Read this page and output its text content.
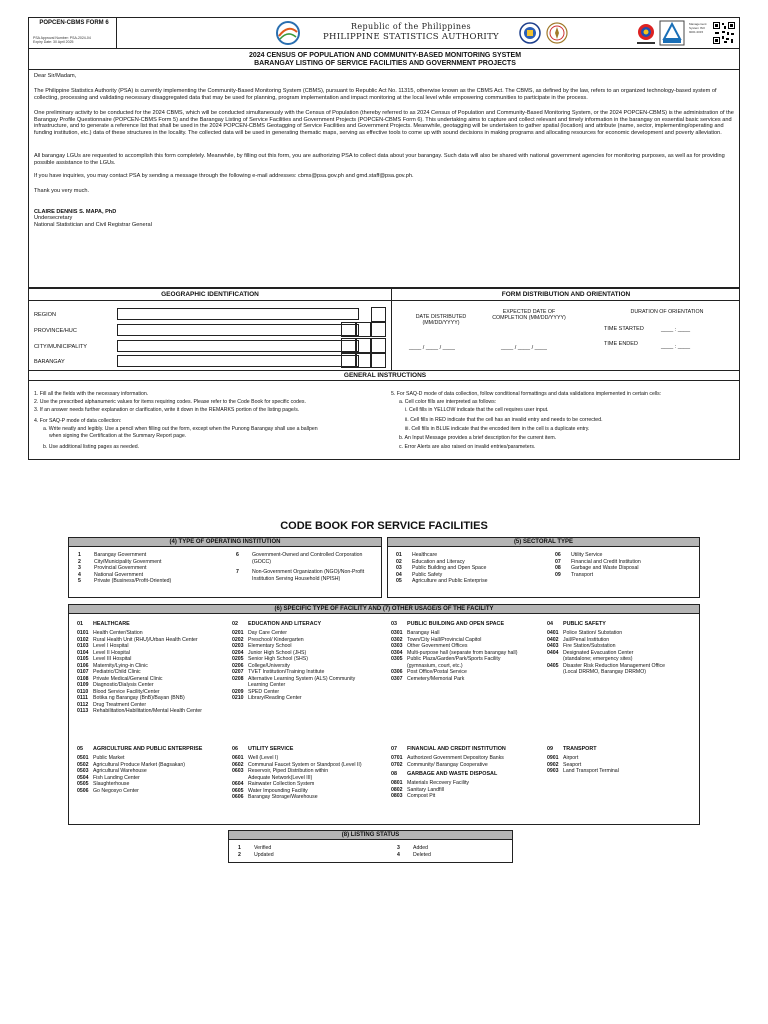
POPCEN-CBMS FORM 6
PSA Approval Number: PSA-2024-04
Expiry Date: 30 April 2025
Republic of the Philippines
PHILIPPINE STATISTICS AUTHORITY
Management System ISO 9001:2015
2024 CENSUS OF POPULATION AND COMMUNITY-BASED MONITORING SYSTEM
BARANGAY LISTING OF SERVICE FACILITIES AND GOVERNMENT PROJECTS
Dear Sir/Madam,
The Philippine Statistics Authority (PSA) is currently implementing the Community-Based Monitoring System (CBMS), pursuant to Republic Act No. 11315, otherwise known as the CBMS Act. The CBMS, as defined by the law, refers to an organized technology-based system of collecting, processing and validating necessary disaggregated data that may be used for planning, program implementation and impact monitoring at the local level while empowering communities to participate in the process.
One preliminary activity to be conducted for the 2024 CBMS, which will be conducted simultaneously with the Census of Population (thereby referred to as 2024 Census of Population and Community-Based Monitoring System, or the 2024 POPCEN-CBMS) is the administration of the Barangay Profile Questionnaire (POPCEN-CBMS Form 5) and the Barangay Listing of Service Facilities and Government Projects (POPCEN-CBMS Form 6). This undertaking aims to capture and collect relevant and timely information in the barangay on essential basic services and infrastructure, and to generate a reference list that shall be used in the 2024 POPCEN-CBMS Geotagging of Service Facilities and Government Projects. Meanwhile, geotagging will be undertaken to gather spatial (location) and attribute (name, sector, implementing/operating and funding institution, etc.) data of these structures in the locality. The collected data will be used in generating thematic maps, serving as effective tools to come up with sound decisions in making programs and allocating resources for economic development and poverty alleviation.
All barangay LGUs are requested to accomplish this form completely. Meanwhile, by filling out this form, you are authorizing PSA to collect data about your barangay. Such data will also be shared with national government agencies for monitoring purposes, as well as for providing possible assistance to the LGUs.
If you have inquiries, you may contact PSA by sending a message through the following e-mail addresses: cbms@psa.gov.ph and gmd.staff@psa.gov.ph.
Thank you very much.
CLAIRE DENNIS S. MAPA, PhD
Undersecretary
National Statistician and Civil Registrar General
GEOGRAPHIC IDENTIFICATION	FORM DISTRIBUTION AND ORIENTATION
REGION
PROVINCE/HUC
CITY/MUNICIPALITY
BARANGAY
DATE DISTRIBUTED (MM/DD/YYYY)
EXPECTED DATE OF COMPLETION (MM/DD/YYYY)
____ / ____ / ____	____ / ____ / ____
DURATION OF ORIENTATION
TIME STARTED	____ : ____
TIME ENDED	____ : ____
GENERAL INSTRUCTIONS
1. Fill all the fields with the necessary information.
2. Use the prescribed alphanumeric values for items requiring codes. Please refer to the Code Book for specific codes.
3. If an answer needs further explanation or clarification, write it down in the REMARKS portion of the listing page/s.
4. For SAQ-P mode of data collection:
a. Write neatly and legibly. Use a pencil when filling out the form, except when the Punong Barangay shall use a ballpen
when signing the Certification at the Summary Report page.
b. Use additional listing pages as needed.
5. For SAQ-D mode of data collection, follow conditional formattings and data validations implemented in certain cells:
a. Cell color fills are interpreted as follows:
i. Cell fills in YELLOW indicate that the cell requires user input.
ii. Cell fills in RED indicate that the cell has an invalid entry and needs to be corrected.
iii. Cell fills in BLUE indicate that the encoded item in the cell is a duplicate entry.
b. An Input Message provides a brief description for the current item.
c. Error Alerts are also raised on invalid entries/parameters.
CODE BOOK FOR SERVICE FACILITIES
(4) TYPE OF OPERATING INSTITUTION
1	Barangay Government
2	City/Municipality Government
3	Provincial Government
4	National Government
5	Private (Business/Profit-Oriented)
6	Government-Owned and Controlled Corporation
(GOCC)
7	Non-Government Organization (NGO)/Non-Profit
Institution Serving Household (NPISH)
(5) SECTORAL TYPE
01 Healthcare
02 Education and Literacy
03 Public Building and Open Space
04 Public Safety
05 Agriculture and Public Enterprise
06 Utility Service
07 Financial and Credit Institution
08 Garbage and Waste Disposal
09 Transport
(6) SPECIFIC TYPE OF FACILITY AND (7) OTHER USAGE/S OF THE FACILITY
01 HEALTHCARE
0101 Health Center/Station
0102 Rural Health Unit (RHU)/Urban Health Center
0103 Level I Hospital
0104 Level II Hospital
0105 Level III Hospital
0106 Maternity/Lying-in Clinic
0107 Pediatric/Child Clinic
0108 Private Medical/General Clinic
0109 Diagnostic/Dialysis Center
0110 Blood Service Facility/Center
0111 Botika ng Barangay (BnB)/Bayan (BNB)
0112 Drug Treatment Center
0113 Rehabilitation/Habilitation/Mental Health Center
02 EDUCATION AND LITERACY
0201 Day Care Center
0202 Preschool/ Kindergarten
0203 Elementary School
0204 Junior High School (JHS)
0205 Senior High School (SHS)
0206 College/University
0207 TVET Institution/Training Institute
0208 Alternative Learning System (ALS) Community
Learning Center
0209 SPED Center
0210 Library/Reading Center
03 PUBLIC BUILDING AND OPEN SPACE
0301 Barangay Hall
0302 Town/City Hall/Provincial Capitol
0303 Other Government Offices
0304 Multi-purpose hall (separate from barangay hall)
0305 Public Plaza/Garden/Park/Sports Facility
(gymnasium, court, etc.)
0306 Post Office/Postal Service
0307 Cemetery/Memorial Park
04 PUBLIC SAFETY
0401 Police Station/ Substation
0402 Jail/Penal Institution
0403 Fire Station/Substation
0404 Designated Evacuation Center
(standalone; emergency sites)
0405 Disaster Risk Reduction Management Office
(Local DRRMO, Barangay DRRMO)
05 AGRICULTURE AND PUBLIC ENTERPRISE
0501 Public Market
0502 Agricultural Produce Market (Bagsakan)
0503 Agricultural Warehouse
0504 Fish Landing Center
0505 Slaughterhouse
0506 Go Negosyo Center
06 UTILITY SERVICE
0601 Well (Level I)
0602 Communal Faucet System or Standpost (Level II)
0603 Reservoir, Piped Distribution within
Adequate Network(Level III)
0604 Rainwater Collection System
0605 Water Impounding Facility
0606 Barangay Storage/Warehouse
07 FINANCIAL AND CREDIT INSTITUTION
0701 Authorized Government Depository Banks
0702 Community/ Barangay Cooperative
08 GARBAGE AND WASTE DISPOSAL
0801 Materials Recovery Facility
0802 Sanitary Landfill
0803 Compost Pit
09 TRANSPORT
0901 Airport
0902 Seaport
0903 Land Transport Terminal
(8) LISTING STATUS
1	Verified
2	Updated
3	Added
4	Deleted
